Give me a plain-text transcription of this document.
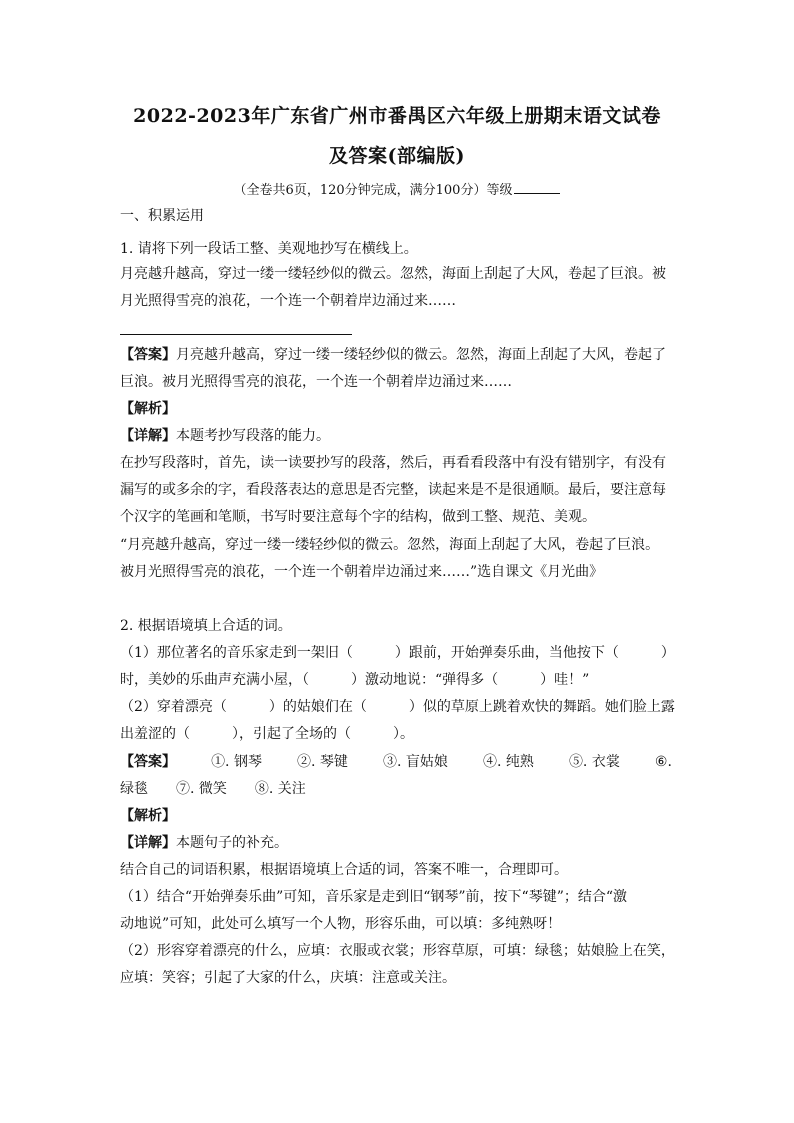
2022-2023年广东省广州市番禺区六年级上册期末语文试卷
及答案(部编版)
（全卷共6页，120分钟完成，满分100分）等级
一、积累运用
1. 请将下列一段话工整、美观地抄写在横线上。
月亮越升越高，穿过一缕一缕轻纱似的微云。忽然，海面上刮起了大风，卷起了巨浪。被
月光照得雪亮的浪花，一个连一个朝着岸边涌过来……
【答案】月亮越升越高，穿过一缕一缕轻纱似的微云。忽然，海面上刮起了大风，卷起了
巨浪。被月光照得雪亮的浪花，一个连一个朝着岸边涌过来……
【解析】
【详解】本题考抄写段落的能力。
在抄写段落时，首先，读一读要抄写的段落，然后，再看看段落中有没有错别字，有没有
漏写的或多余的字，看段落表达的意思是否完整，读起来是不是很通顺。最后，要注意每
个汉字的笔画和笔顺，书写时要注意每个字的结构，做到工整、规范、美观。
“月亮越升越高，穿过一缕一缕轻纱似的微云。忽然，海面上刮起了大风，卷起了巨浪。
被月光照得雪亮的浪花，一个连一个朝着岸边涌过来……”选自课文《月光曲》
2. 根据语境填上合适的词。
（1）那位著名的音乐家走到一架旧（　　　）跟前，开始弹奏乐曲，当他按下（　　　）
时，美妙的乐曲声充满小屋，（　　　）激动地说：“弹得多（　　　）哇！”
（2）穿着漂亮（　　　）的姑娘们在（　　　）似的草原上跳着欢快的舞蹈。她们脸上露
出羞涩的（　　　），引起了全场的（　　　）。
【答案】	①. 钢琴	②. 琴键	③. 盲姑娘	④. 纯熟	⑤. 衣裳	⑥.
绿毯　　⑦. 微笑　　⑧. 关注
【解析】
【详解】本题句子的补充。
结合自己的词语积累，根据语境填上合适的词，答案不唯一，合理即可。
（1）结合“开始弹奏乐曲”可知，音乐家是走到旧“钢琴”前，按下“琴键”；结合“激
动地说”可知，此处可么填写一个人物，形容乐曲，可以填：多纯熟呀！
（2）形容穿着漂亮的什么，应填：衣服或衣裳；形容草原，可填：绿毯；姑娘脸上在笑，
应填：笑容；引起了大家的什么，庆填：注意或关注。
